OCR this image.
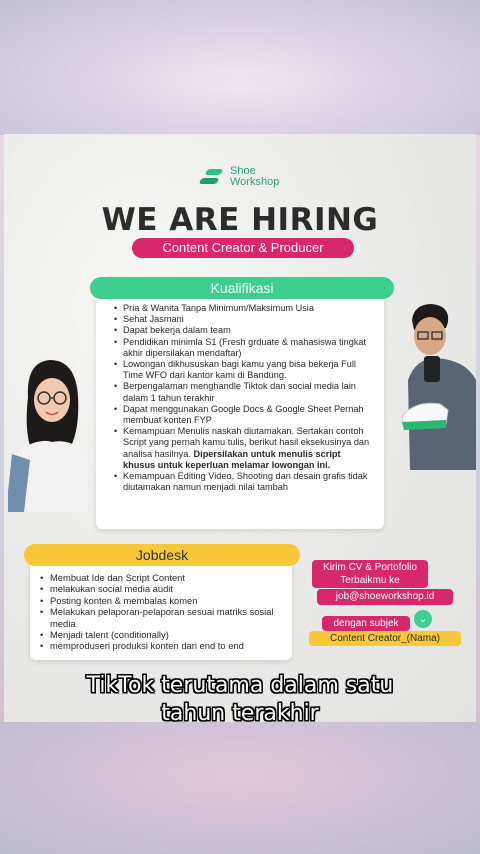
Shoe
Workshop
WE ARE HIRING
Content Creator & Producer
Kualifikasi
• Pria & Wanita Tanpa Minimum/Maksimum Usia
• Sehat Jasmani
• Dapat bekerja dalam team
• Pendidikan minimla S1 (Fresh grduate & mahasiswa tingkat akhir dipersilakan mendaftar)
• Lowongan dikhususkan bagi kamu yang bisa bekerja Full Time WFO dari kantor kami di Bandung.
• Berpengalaman menghandle Tiktok dan social media lain dalam 1 tahun terakhir
• Dapat menggunakan Google Docs & Google Sheet Pernah membuat konten FYP
• Kemampuan Menulis naskah diutamakan. Sertakan contoh Script yang pernah kamu tulis, berikut hasil eksekusinya dan analisa hasilnya. Dipersilakan untuk menulis script khusus untuk keperluan melamar lowongan ini.
• Kemampuan Editing Video, Shooting dan desain grafis tidak diutamakan namun menjadi nilai tambah
Jobdesk
• Membuat Ide dan Script Content
• melakukan social media audit
• Posting konten & membalas komen
• Melakukan pelaporan-pelaporan sesuai matriks sosial media
• Menjadi talent (conditionally)
• memproduseri produksi konten dari end to end
Kirim CV & Portofolio
Terbaikmu ke
job@shoeworkshop.id
dengan subjek	⌄
Content Creator_(Nama)
TikTok terutama dalam satu
tahun terakhir
